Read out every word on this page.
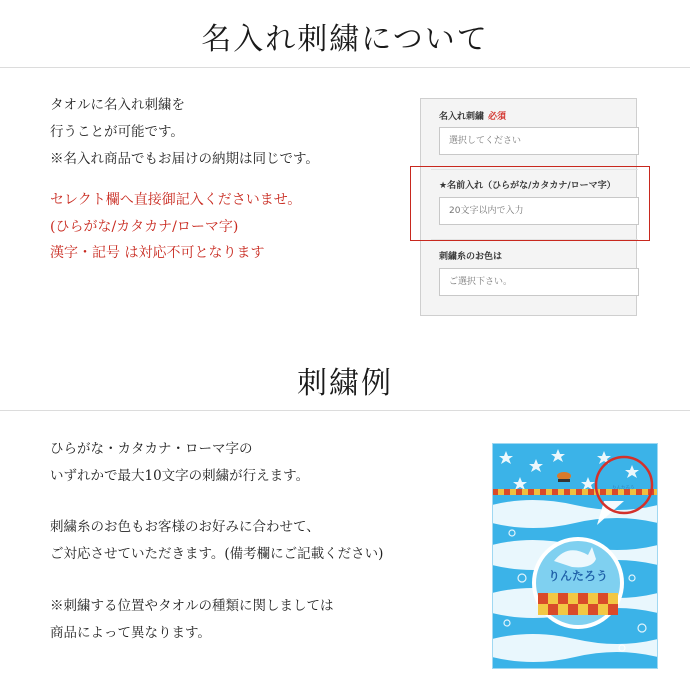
名入れ刺繍について
タオルに名入れ刺繍を
行うことが可能です。
※名入れ商品でもお届けの納期は同じです。
セレクト欄へ直接御記入くださいませ。
(ひらがな/カタカナ/ローマ字)
漢字・記号 は対応不可となります
名入れ刺繍 必須
選択してください
★名前入れ（ひらがな/カタカナ/ローマ字）
20文字以内で入力
刺繍糸のお色は
ご選択下さい。
刺繍例
ひらがな・カタカナ・ローマ字の
いずれかで最大10文字の刺繍が行えます。
刺繍糸のお色もお客様のお好みに合わせて、
ご対応させていただきます。(備考欄にご記載ください)
※刺繍する位置やタオルの種類に関しましては
商品によって異なります。
りんたろう
りんたろう
